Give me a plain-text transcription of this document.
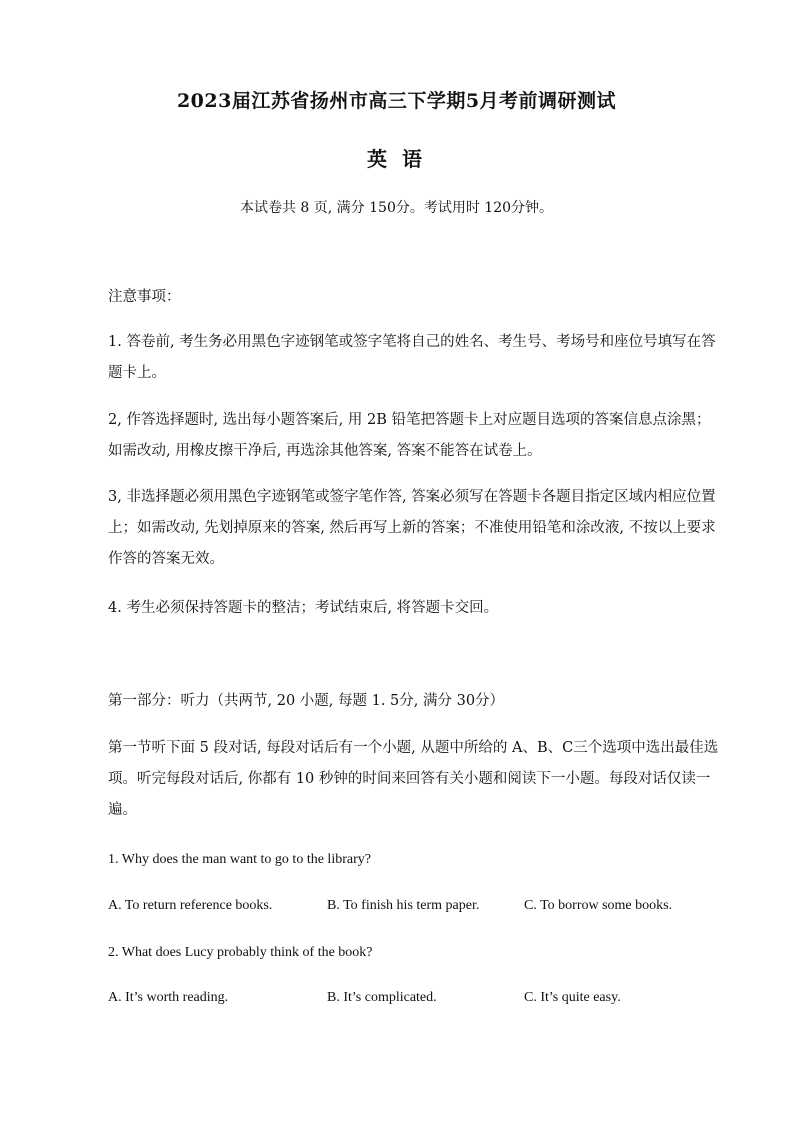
2023届江苏省扬州市高三下学期5月考前调研测试
英 语
本试卷共 8 页, 满分 150分。考试用时 120分钟。
注意事项：
1. 答卷前, 考生务必用黑色字迹钢笔或签字笔将自己的姓名、考生号、考场号和座位号填写在答题卡上。
2, 作答选择题时, 选出每小题答案后, 用 2B 铅笔把答题卡上对应题目选项的答案信息点涂黑；如需改动, 用橡皮擦干净后, 再选涂其他答案, 答案不能答在试卷上。
3, 非选择题必须用黑色字迹钢笔或签字笔作答, 答案必须写在答题卡各题目指定区域内相应位置上；如需改动, 先划掉原来的答案, 然后再写上新的答案；不准使用铅笔和涂改液, 不按以上要求作答的答案无效。
4. 考生必须保持答题卡的整洁；考试结束后, 将答题卡交回。
第一部分：听力（共两节, 20 小题, 每题 1. 5分, 满分 30分）
第一节听下面 5 段对话, 每段对话后有一个小题, 从题中所给的 A、B、C三个选项中选出最佳选项。听完每段对话后, 你都有 10 秒钟的时间来回答有关小题和阅读下一小题。每段对话仅读一遍。
1. Why does the man want to go to the library?
A. To return reference books.	B. To finish his term paper.	C. To borrow some books.
2. What does Lucy probably think of the book?
A. It’s worth reading.	B. It’s complicated.	C. It’s quite easy.
